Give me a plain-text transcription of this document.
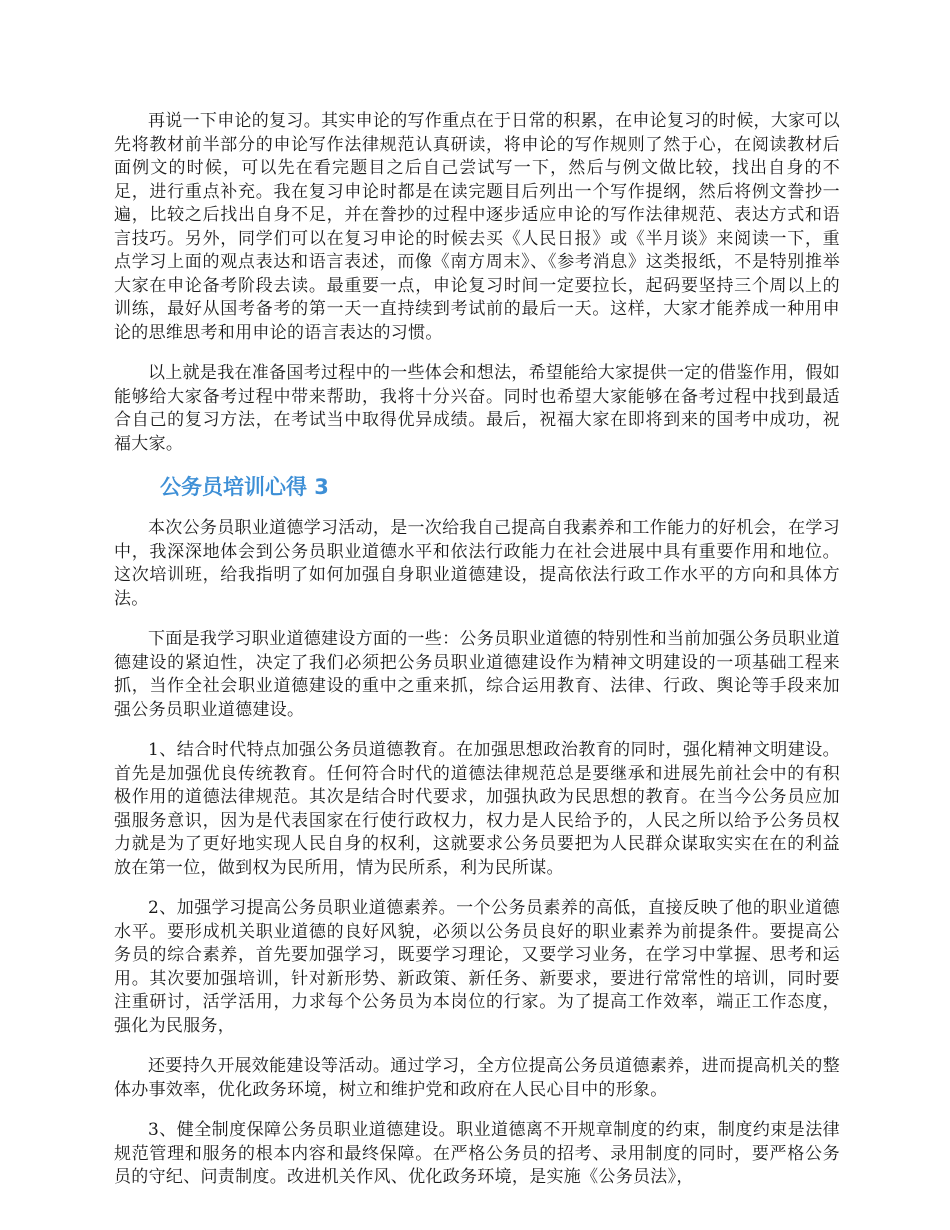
再说一下申论的复习。其实申论的写作重点在于日常的积累，在申论复习的时候，大家可以先将教材前半部分的申论写作法律规范认真研读，将申论的写作规则了然于心，在阅读教材后面例文的时候，可以先在看完题目之后自己尝试写一下，然后与例文做比较，找出自身的不足，进行重点补充。我在复习申论时都是在读完题目后列出一个写作提纲，然后将例文誊抄一遍，比较之后找出自身不足，并在誊抄的过程中逐步适应申论的写作法律规范、表达方式和语言技巧。另外，同学们可以在复习申论的时候去买《人民日报》或《半月谈》来阅读一下，重点学习上面的观点表达和语言表述，而像《南方周末》、《参考消息》这类报纸，不是特别推举大家在申论备考阶段去读。最重要一点，申论复习时间一定要拉长，起码要坚持三个周以上的训练，最好从国考备考的第一天一直持续到考试前的最后一天。这样，大家才能养成一种用申论的思维思考和用申论的语言表达的习惯。

以上就是我在准备国考过程中的一些体会和想法，希望能给大家提供一定的借鉴作用，假如能够给大家备考过程中带来帮助，我将十分兴奋。同时也希望大家能够在备考过程中找到最适合自己的复习方法，在考试当中取得优异成绩。最后，祝福大家在即将到来的国考中成功，祝福大家。

公务员培训心得 3

本次公务员职业道德学习活动，是一次给我自己提高自我素养和工作能力的好机会，在学习中，我深深地体会到公务员职业道德水平和依法行政能力在社会进展中具有重要作用和地位。这次培训班，给我指明了如何加强自身职业道德建设，提高依法行政工作水平的方向和具体方法。

下面是我学习职业道德建设方面的一些：公务员职业道德的特别性和当前加强公务员职业道德建设的紧迫性，决定了我们必须把公务员职业道德建设作为精神文明建设的一项基础工程来抓，当作全社会职业道德建设的重中之重来抓，综合运用教育、法律、行政、舆论等手段来加强公务员职业道德建设。

1、结合时代特点加强公务员道德教育。在加强思想政治教育的同时，强化精神文明建设。首先是加强优良传统教育。任何符合时代的道德法律规范总是要继承和进展先前社会中的有积极作用的道德法律规范。其次是结合时代要求，加强执政为民思想的教育。在当今公务员应加强服务意识，因为是代表国家在行使行政权力，权力是人民给予的，人民之所以给予公务员权力就是为了更好地实现人民自身的权利，这就要求公务员要把为人民群众谋取实实在在的利益放在第一位，做到权为民所用，情为民所系，利为民所谋。

2、加强学习提高公务员职业道德素养。一个公务员素养的高低，直接反映了他的职业道德水平。要形成机关职业道德的良好风貌，必须以公务员良好的职业素养为前提条件。要提高公务员的综合素养，首先要加强学习，既要学习理论，又要学习业务，在学习中掌握、思考和运用。其次要加强培训，针对新形势、新政策、新任务、新要求，要进行常常性的培训，同时要注重研讨，活学活用，力求每个公务员为本岗位的行家。为了提高工作效率，端正工作态度，强化为民服务，

还要持久开展效能建设等活动。通过学习，全方位提高公务员道德素养，进而提高机关的整体办事效率，优化政务环境，树立和维护党和政府在人民心目中的形象。

3、健全制度保障公务员职业道德建设。职业道德离不开规章制度的约束，制度约束是法律规范管理和服务的根本内容和最终保障。在严格公务员的招考、录用制度的同时，要严格公务员的守纪、问责制度。改进机关作风、优化政务环境，是实施《公务员法》，
